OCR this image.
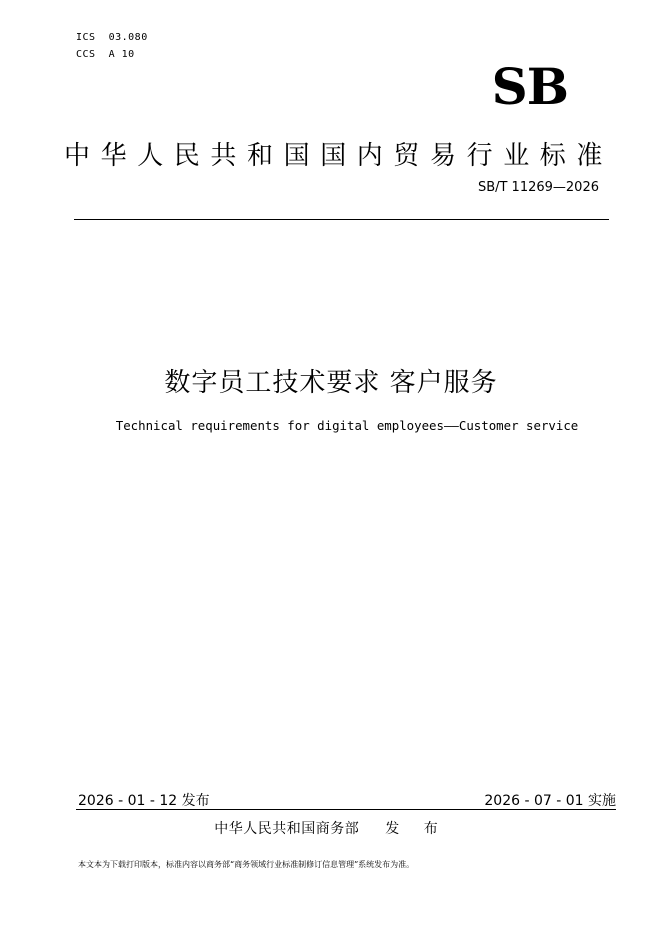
ICS  03.080
CCS  A 10
SB
中华人民共和国国内贸易行业标准
SB/T 11269—2026
数字员工技术要求 客户服务
Technical requirements for digital employees——Customer service
2026 - 01 - 12 发布	2026 - 07 - 01 实施
中华人民共和国商务部 发 布
本文本为下载打印版本，标准内容以商务部“商务领域行业标准制修订信息管理”系统发布为准。
